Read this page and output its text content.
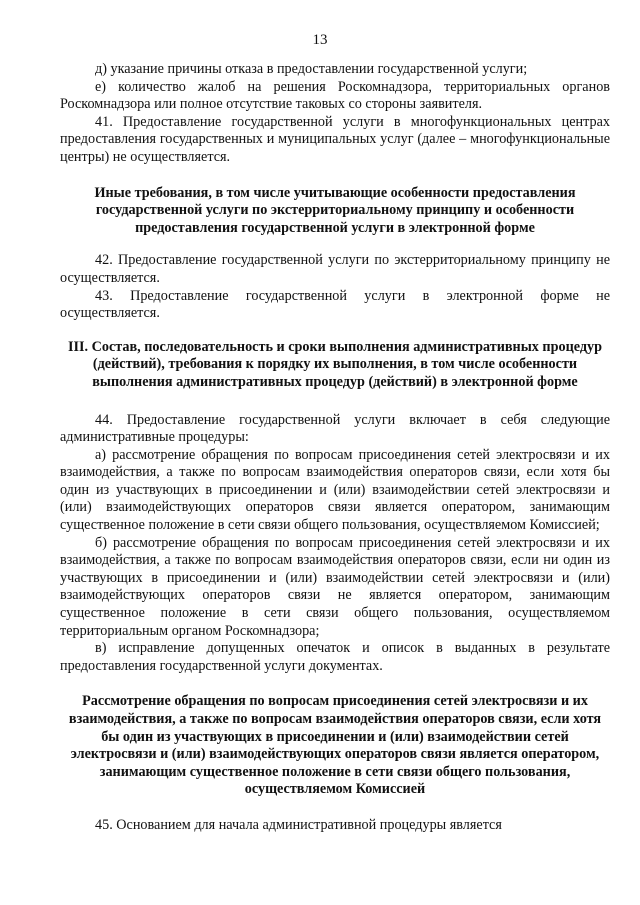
13

д) указание причины отказа в предоставлении государственной услуги;

е) количество жалоб на решения Роскомнадзора, территориальных органов Роскомнадзора или полное отсутствие таковых со стороны заявителя.

41. Предоставление государственной услуги в многофункциональных центрах предоставления государственных и муниципальных услуг (далее – многофункциональные центры) не осуществляется.

Иные требования, в том числе учитывающие особенности предоставления государственной услуги по экстерриториальному принципу и особенности предоставления государственной услуги в электронной форме

42. Предоставление государственной услуги по экстерриториальному принципу не осуществляется.

43. Предоставление государственной услуги в электронной форме не осуществляется.

III. Состав, последовательность и сроки выполнения административных процедур (действий), требования к порядку их выполнения, в том числе особенности выполнения административных процедур (действий) в электронной форме

44. Предоставление государственной услуги включает в себя следующие административные процедуры:

а) рассмотрение обращения по вопросам присоединения сетей электросвязи и их взаимодействия, а также по вопросам взаимодействия операторов связи, если хотя бы один из участвующих в присоединении и (или) взаимодействии сетей электросвязи и (или) взаимодействующих операторов связи является оператором, занимающим существенное положение в сети связи общего пользования, осуществляемом Комиссией;

б) рассмотрение обращения по вопросам присоединения сетей электросвязи и их взаимодействия, а также по вопросам взаимодействия операторов связи, если ни один из участвующих в присоединении и (или) взаимодействии сетей электросвязи и (или) взаимодействующих операторов связи не является оператором, занимающим существенное положение в сети связи общего пользования, осуществляемом территориальным органом Роскомнадзора;

в) исправление допущенных опечаток и описок в выданных в результате предоставления государственной услуги документах.

Рассмотрение обращения по вопросам присоединения сетей электросвязи и их взаимодействия, а также по вопросам взаимодействия операторов связи, если хотя бы один из участвующих в присоединении и (или) взаимодействии сетей электросвязи и (или) взаимодействующих операторов связи является оператором, занимающим существенное положение в сети связи общего пользования, осуществляемом Комиссией

45. Основанием для начала административной процедуры является
